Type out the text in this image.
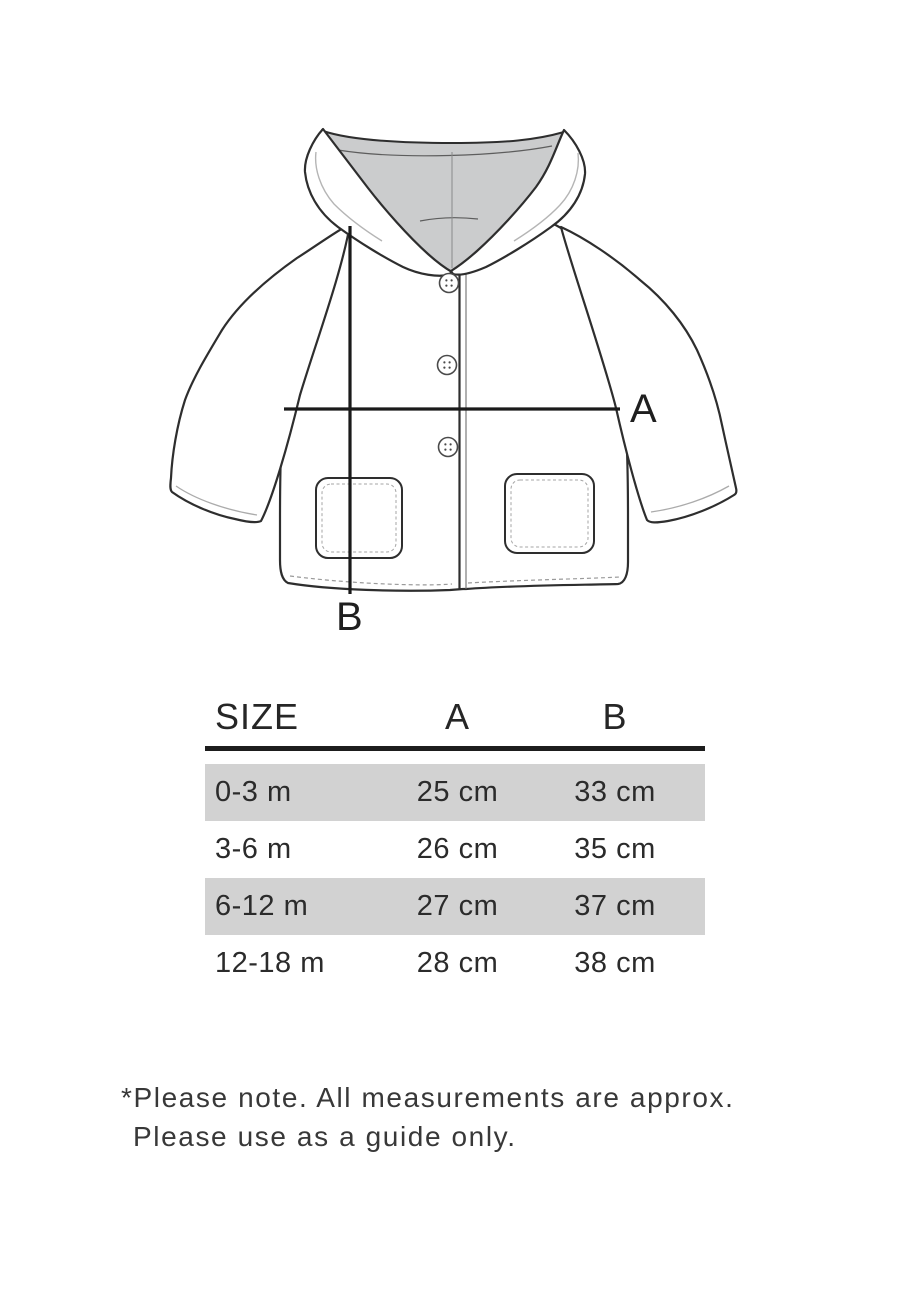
A
B
SIZE	A	B
0-3 m	25 cm	33 cm
3-6 m	26 cm	35 cm
6-12 m	27 cm	37 cm
12-18 m	28 cm	38 cm
*Please note. All measurements are approx.
Please use as a guide only.
